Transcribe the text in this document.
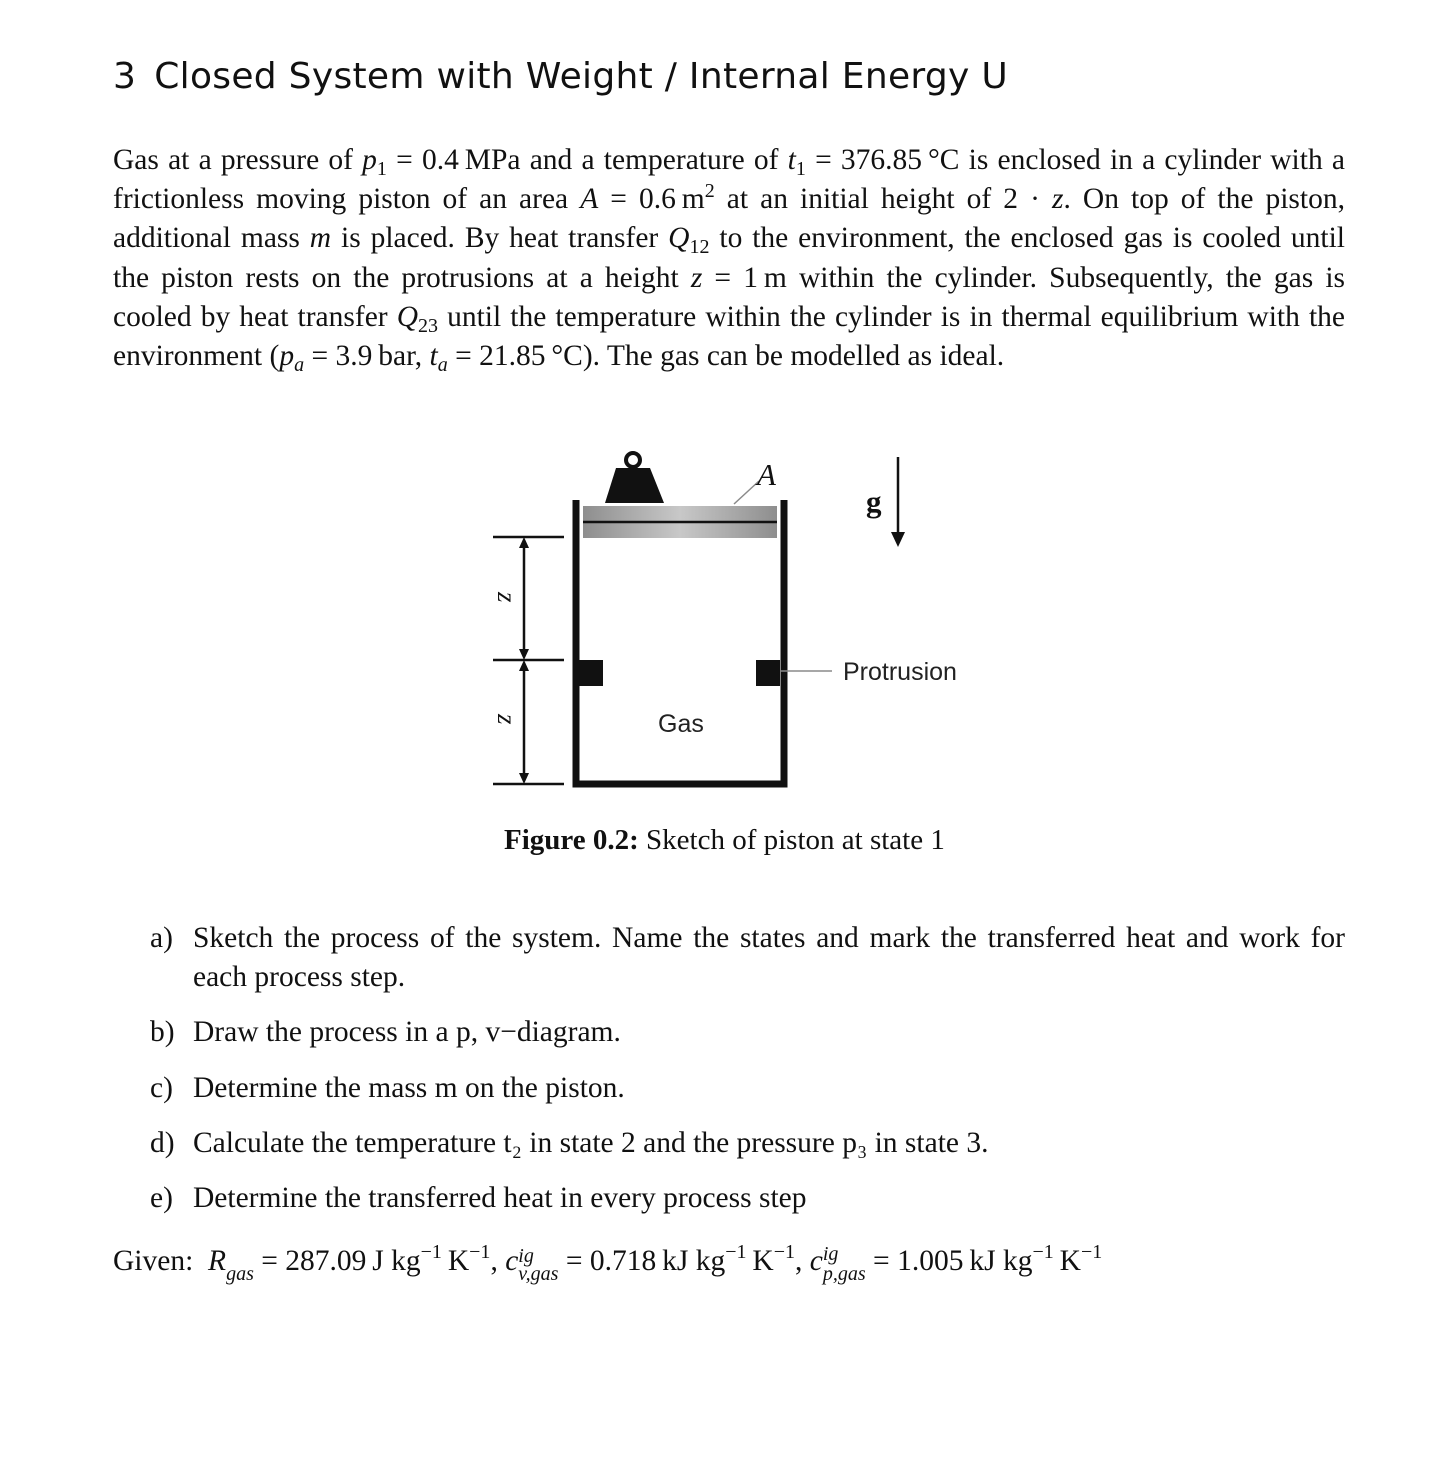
3 Closed System with Weight / Internal Energy U

Gas at a pressure of $p_1 = 0.4$  MPa and a temperature of $t_1 = 376.85$  °C is enclosed in a cylinder with a frictionless moving piston of an area A = 0.6  $m^2$ at an initial height of 2 · z. On top of the piston, additional mass m is placed. By heat transfer $Q_{12}$ to the environment, the enclosed gas is cooled until the piston rests on the protrusions at a height z = 1  m within the cylinder. Subsequently, the gas is cooled by heat transfer $Q_{23}$ until the temperature within the cylinder is in thermal equilibrium with the environment ($p_a = 3.9$  bar, $t_a = 21.85$  °C). The gas can be modelled as ideal.

A
g
z
z
Protrusion
Gas
Figure 0.2: Sketch of piston at state 1
a) Sketch the process of the system. Name the states and mark the transferred heat and work for each process step.
b) Draw the process in a p, v−diagram.
c) Determine the mass m on the piston.
d) Calculate the temperature t₂ in state 2 and the pressure p₃ in state 3.
e) Determine the transferred heat in every process step
Given: R gas = 287.09  J $kg^{-1}$ $K^{-1}$, c ig
v,gas = 0.718  kJ $kg^{-1}$ $K^{-1}$, c ig
p,gas = 1.005  kJ $kg^{-1}$ $K^{-1}$
